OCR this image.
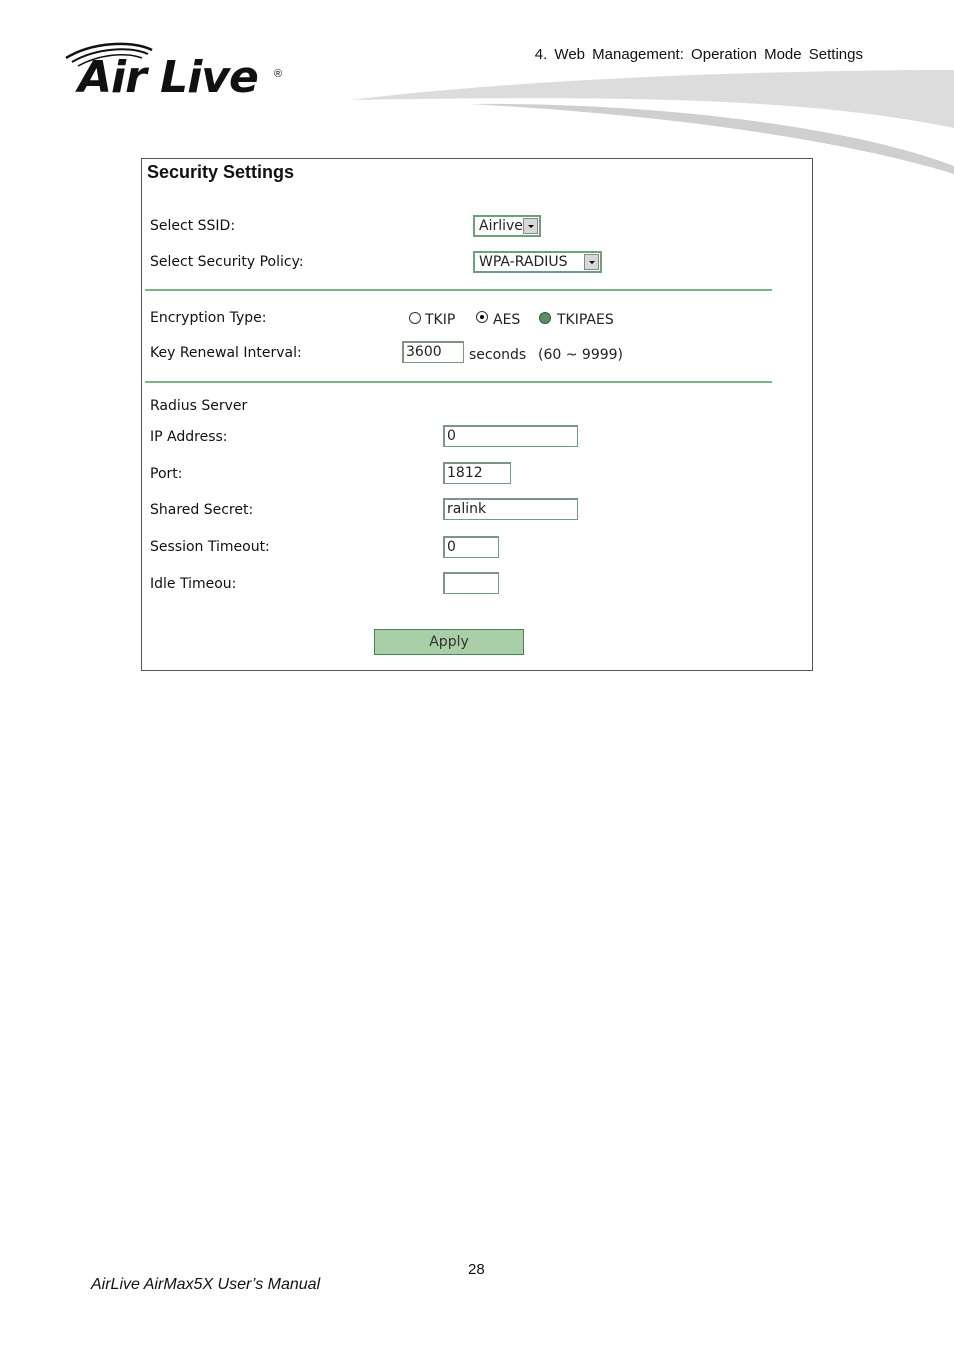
Air Live ®
4. Web Management: Operation Mode Settings
Security Settings
Select SSID:	Airlive
Select Security Policy:	WPA-RADIUS
Encryption Type:	TKIP	AES	TKIPAES
Key Renewal Interval:	3600 seconds (60 ~ 9999)
Radius Server
IP Address:	0
Port:	1812
Shared Secret:	ralink
Session Timeout:	0
Idle Timeou:
Apply
28
AirLive AirMax5X User’s Manual
